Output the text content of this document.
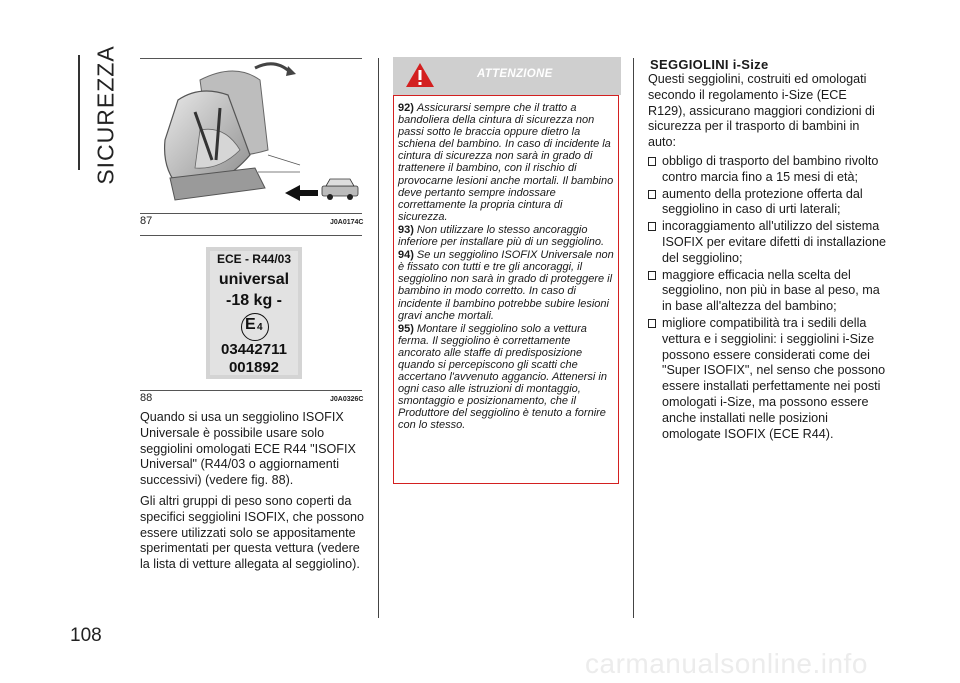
SICUREZZA
108
87	J0A0174C
ECE - R44/03
universal
-18 kg -
E 4
03442711
001892
88	J0A0326C

Quando si usa un seggiolino ISOFIX Universale è possibile usare solo seggiolini omologati ECE R44 "ISOFIX Universal" (R44/03 o aggiornamenti successivi) (vedere fig. 88).

Gli altri gruppi di peso sono coperti da specifici seggiolini ISOFIX, che possono essere utilizzati solo se appositamente sperimentati per questa vettura (vedere la lista di vetture allegata al seggiolino).

ATTENZIONE
92) Assicurarsi sempre che il tratto a bandoliera della cintura di sicurezza non passi sotto le braccia oppure dietro la schiena del bambino. In caso di incidente la cintura di sicurezza non sarà in grado di trattenere il bambino, con il rischio di provocarne lesioni anche mortali. Il bambino deve pertanto sempre indossare correttamente la propria cintura di sicurezza.
93) Non utilizzare lo stesso ancoraggio inferiore per installare più di un seggiolino.
94) Se un seggiolino ISOFIX Universale non è fissato con tutti e tre gli ancoraggi, il seggiolino non sarà in grado di proteggere il bambino in modo corretto. In caso di incidente il bambino potrebbe subire lesioni gravi anche mortali.
95) Montare il seggiolino solo a vettura ferma. Il seggiolino è correttamente ancorato alle staffe di predisposizione quando si percepiscono gli scatti che accertano l'avvenuto aggancio. Attenersi in ogni caso alle istruzioni di montaggio, smontaggio e posizionamento, che il Produttore del seggiolino è tenuto a fornire con lo stesso.
SEGGIOLINI i-Size

Questi seggiolini, costruiti ed omologati secondo il regolamento i-Size (ECE R129), assicurano maggiori condizioni di sicurezza per il trasporto di bambini in auto:

obbligo di trasporto del bambino rivolto contro marcia fino a 15 mesi di età;
aumento della protezione offerta dal seggiolino in caso di urti laterali;
incoraggiamento all'utilizzo del sistema ISOFIX per evitare difetti di installazione del seggiolino;
maggiore efficacia nella scelta del seggiolino, non più in base al peso, ma in base all'altezza del bambino;
migliore compatibilità tra i sedili della vettura e i seggiolini: i seggiolini i-Size possono essere considerati come dei "Super ISOFIX", nel senso che possono essere installati perfettamente nei posti omologati i-Size, ma possono essere anche installati nelle posizioni omologate ISOFIX (ECE R44).
carmanualsonline.info
